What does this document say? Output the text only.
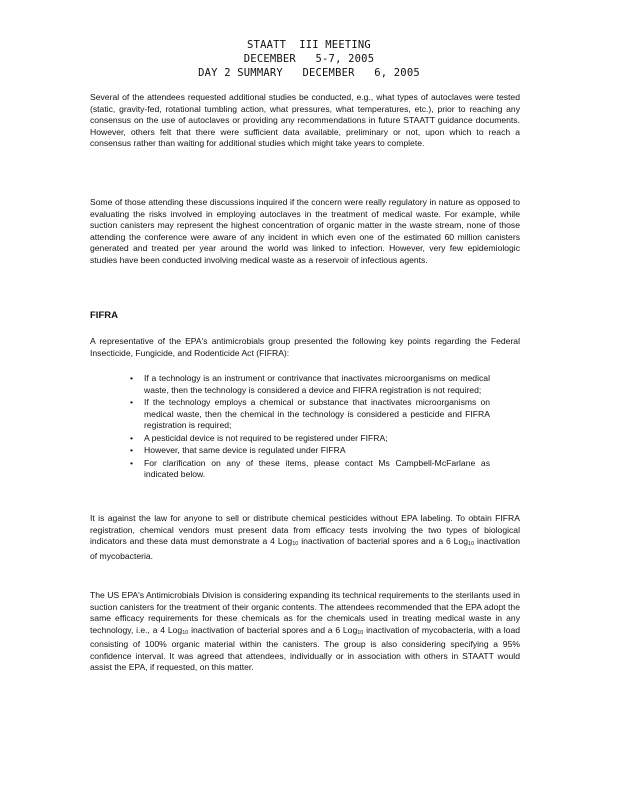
STAATT  III MEETING
DECEMBER   5-7, 2005
DAY 2 SUMMARY   DECEMBER   6, 2005
Several of the attendees requested additional studies be conducted, e.g., what types of autoclaves were tested (static, gravity-fed, rotational tumbling action, what pressures, what temperatures, etc.), prior to reaching any consensus on the use of autoclaves or providing any recommendations in future STAATT guidance documents. However, others felt that there were sufficient data available, preliminary or not, upon which to reach a consensus rather than waiting for additional studies which might take years to complete.
Some of those attending these discussions inquired if the concern were really regulatory in nature as opposed to evaluating the risks involved in employing autoclaves in the treatment of medical waste. For example, while suction canisters may represent the highest concentration of organic matter in the waste stream, none of those attending the conference were aware of any incident in which even one of the estimated 60 million canisters generated and treated per year around the world was linked to infection. However, very few epidemiologic studies have been conducted involving medical waste as a reservoir of infectious agents.
FIFRA
A representative of the EPA's antimicrobials group presented the following key points regarding the Federal Insecticide, Fungicide, and Rodenticide Act (FIFRA):
•	If a technology is an instrument or contrivance that inactivates microorganisms on medical waste, then the technology is considered a device and FIFRA registration is not required;
•	If the technology employs a chemical or substance that inactivates microorganisms on medical waste, then the chemical in the technology is considered a pesticide and FIFRA registration is required;
•	A pesticidal device is not required to be registered under FIFRA;
•	However, that same device is regulated under FIFRA
•	For clarification on any of these items, please contact Ms Campbell-McFarlane as indicated below.
It is against the law for anyone to sell or distribute chemical pesticides without EPA labeling. To obtain FIFRA registration, chemical vendors must present data from efficacy tests involving the two types of biological indicators and these data must demonstrate a 4 Log$_{10}$ inactivation of bacterial spores and a 6 Log$_{10}$ inactivation of mycobacteria.
The US EPA's Antimicrobials Division is considering expanding its technical requirements to the sterilants used in suction canisters for the treatment of their organic contents. The attendees recommended that the EPA adopt the same efficacy requirements for these chemicals as for the chemicals used in treating medical waste in any technology, i.e., a 4 Log$_{10}$ inactivation of bacterial spores and a 6 Log$_{10}$ inactivation of mycobacteria, with a load consisting of 100% organic material within the canisters. The group is also considering specifying a 95% confidence interval. It was agreed that attendees, individually or in association with others in STAATT would assist the EPA, if requested, on this matter.
